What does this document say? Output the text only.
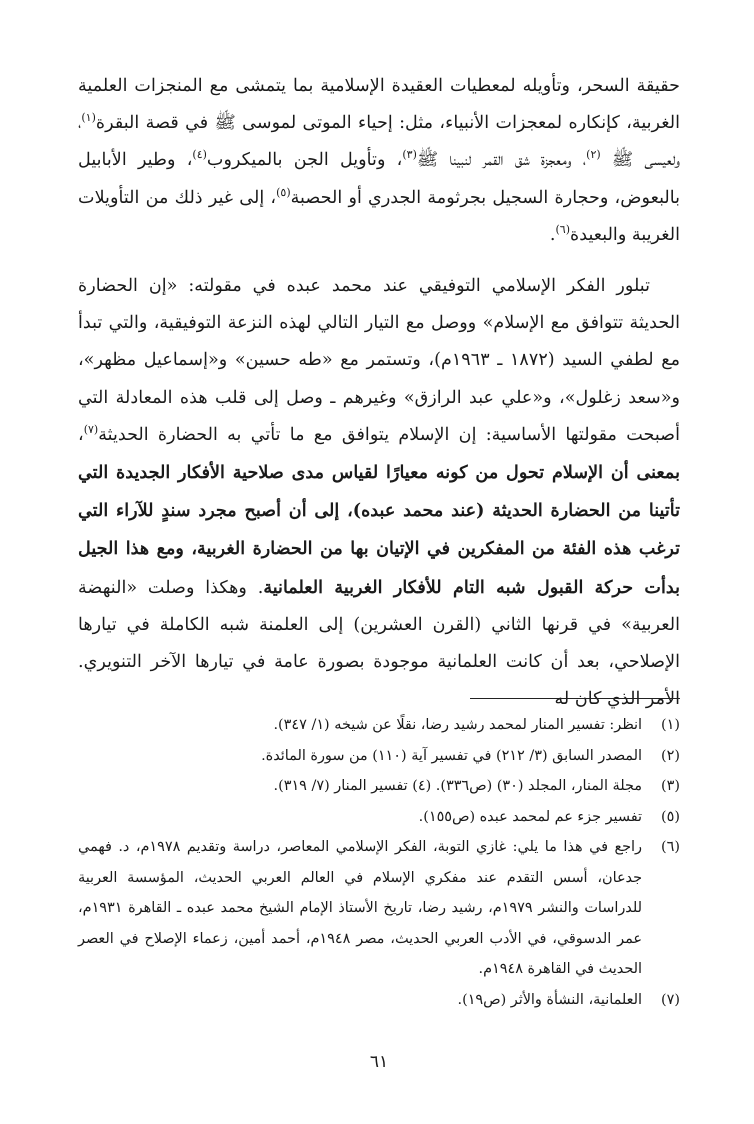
حقيقة السحر، وتأويله لمعطيات العقيدة الإسلامية بما يتمشى مع المنجزات العلمية الغربية، كإنكاره لمعجزات الأنبياء، مثل: إحياء الموتى لموسى ﷺ في قصة البقرة$^{(١)}$، ولعيسى ﷺ $^{(٢)}$، ومعجزة شق القمر لنبينا ﷺ$^{(٣)}$، وتأويل الجن بالميكروب$^{(٤)}$، وطير الأبابيل بالبعوض، وحجارة السجيل بجرثومة الجدري أو الحصبة$^{(٥)}$، إلى غير ذلك من التأويلات الغريبة والبعيدة$^{(٦)}$.

تبلور الفكر الإسلامي التوفيقي عند محمد عبده في مقولته: «إن الحضارة الحديثة تتوافق مع الإسلام» ووصل مع التيار التالي لهذه النزعة التوفيقية، والتي تبدأ مع لطفي السيد (١٨٧٢ ـ ١٩٦٣م)، وتستمر مع «طه حسين» و«إسماعيل مظهر»، و«سعد زغلول»، و«علي عبد الرازق» وغيرهم ـ وصل إلى قلب هذه المعادلة التي أصبحت مقولتها الأساسية: إن الإسلام يتوافق مع ما تأتي به الحضارة الحديثة$^{(٧)}$، بمعنى أن الإسلام تحول من كونه معيارًا لقياس مدى صلاحية الأفكار الجديدة التي تأتينا من الحضارة الحديثة (عند محمد عبده)، إلى أن أصبح مجرد سندٍ للآراء التي ترغب هذه الفئة من المفكرين في الإتيان بها من الحضارة الغربية، ومع هذا الجيل بدأت حركة القبول شبه التام للأفكار الغربية العلمانية. وهكذا وصلت «النهضة العربية» في قرنها الثاني (القرن العشرين) إلى العلمنة شبه الكاملة في تيارها الإصلاحي، بعد أن كانت العلمانية موجودة بصورة عامة في تيارها الآخر التنويري. الأمر الذي كان له

(١)
انظر: تفسير المنار لمحمد رشيد رضا، نقلًا عن شيخه (١/ ٣٤٧).
(٢)
المصدر السابق (٣/ ٢١٢) في تفسير آية (١١٠) من سورة المائدة.
(٣)
مجلة المنار، المجلد (٣٠) (ص٣٣٦). (٤) تفسير المنار (٧/ ٣١٩).
(٥)
تفسير جزء عم لمحمد عبده (ص١٥٥).
(٦)
راجع في هذا ما يلي: غازي التوبة، الفكر الإسلامي المعاصر، دراسة وتقديم ١٩٧٨م، د. فهمي جدعان، أسس التقدم عند مفكري الإسلام في العالم العربي الحديث، المؤسسة العربية للدراسات والنشر ١٩٧٩م، رشيد رضا، تاريخ الأستاذ الإمام الشيخ محمد عبده ـ القاهرة ١٩٣١م، عمر الدسوقي، في الأدب العربي الحديث، مصر ١٩٤٨م، أحمد أمين، زعماء الإصلاح في العصر الحديث في القاهرة ١٩٤٨م.
(٧)
العلمانية، النشأة والأثر (ص١٩).
٦١
